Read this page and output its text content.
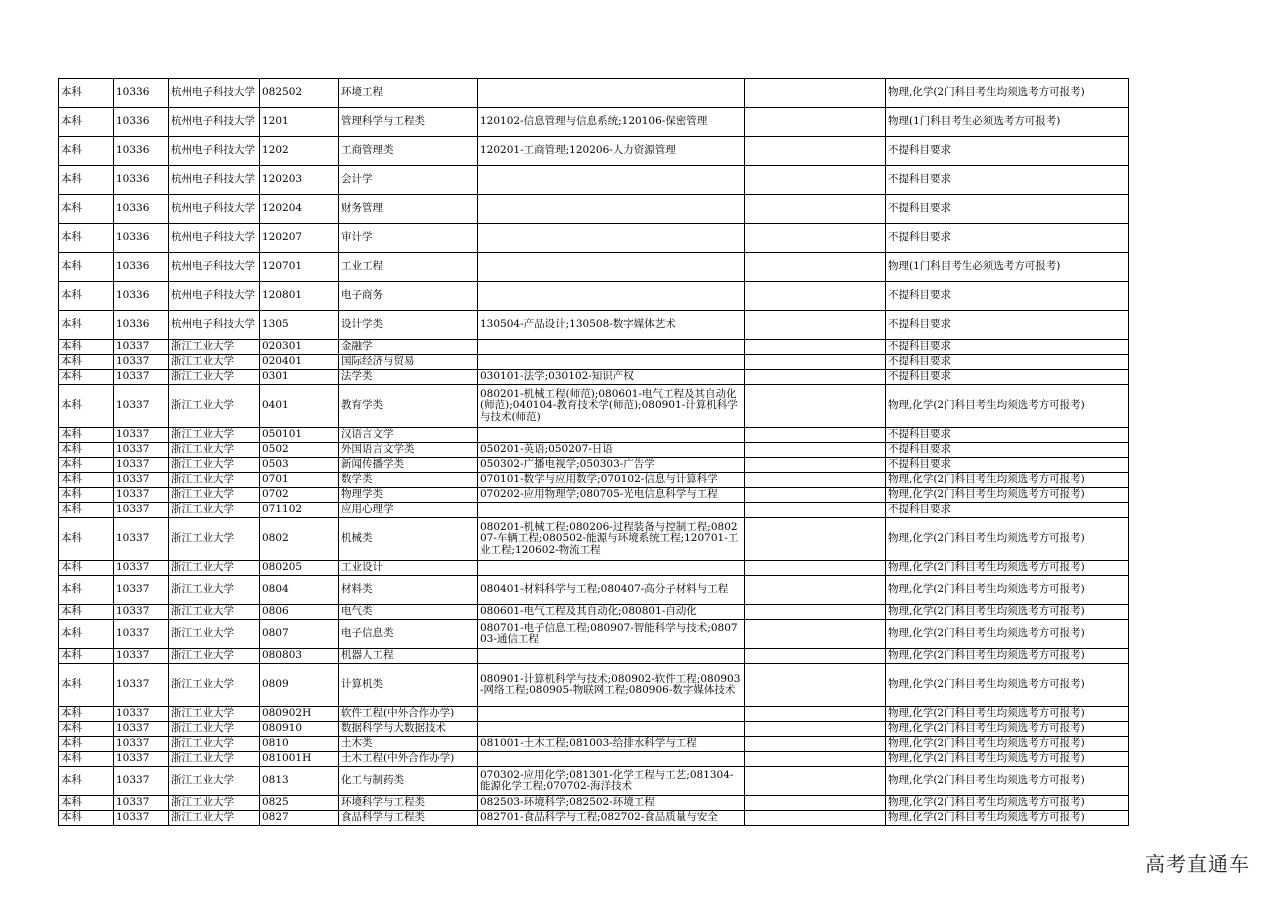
本科	10336	杭州电子科技大学	082502	环境工程			物理,化学(2门科目考生均须选考方可报考)
本科	10336	杭州电子科技大学	1201	管理科学与工程类	120102-信息管理与信息系统;120106-保密管理		物理(1门科目考生必须选考方可报考)
本科	10336	杭州电子科技大学	1202	工商管理类	120201-工商管理;120206-人力资源管理		不提科目要求
本科	10336	杭州电子科技大学	120203	会计学			不提科目要求
本科	10336	杭州电子科技大学	120204	财务管理			不提科目要求
本科	10336	杭州电子科技大学	120207	审计学			不提科目要求
本科	10336	杭州电子科技大学	120701	工业工程			物理(1门科目考生必须选考方可报考)
本科	10336	杭州电子科技大学	120801	电子商务			不提科目要求
本科	10336	杭州电子科技大学	1305	设计学类	130504-产品设计;130508-数字媒体艺术		不提科目要求
本科	10337	浙江工业大学	020301	金融学			不提科目要求
本科	10337	浙江工业大学	020401	国际经济与贸易			不提科目要求
本科	10337	浙江工业大学	0301	法学类	030101-法学;030102-知识产权		不提科目要求
本科	10337	浙江工业大学	0401	教育学类	080201-机械工程(师范);080601-电气工程及其自动化(师范);040104-教育技术学(师范);080901-计算机科学与技术(师范)		物理,化学(2门科目考生均须选考方可报考)
本科	10337	浙江工业大学	050101	汉语言文学			不提科目要求
本科	10337	浙江工业大学	0502	外国语言文学类	050201-英语;050207-日语		不提科目要求
本科	10337	浙江工业大学	0503	新闻传播学类	050302-广播电视学;050303-广告学		不提科目要求
本科	10337	浙江工业大学	0701	数学类	070101-数学与应用数学;070102-信息与计算科学		物理,化学(2门科目考生均须选考方可报考)
本科	10337	浙江工业大学	0702	物理学类	070202-应用物理学;080705-光电信息科学与工程		物理,化学(2门科目考生均须选考方可报考)
本科	10337	浙江工业大学	071102	应用心理学			不提科目要求
本科	10337	浙江工业大学	0802	机械类	080201-机械工程;080206-过程装备与控制工程;080207-车辆工程;080502-能源与环境系统工程;120701-工业工程;120602-物流工程		物理,化学(2门科目考生均须选考方可报考)
本科	10337	浙江工业大学	080205	工业设计			物理,化学(2门科目考生均须选考方可报考)
本科	10337	浙江工业大学	0804	材料类	080401-材料科学与工程;080407-高分子材料与工程		物理,化学(2门科目考生均须选考方可报考)
本科	10337	浙江工业大学	0806	电气类	080601-电气工程及其自动化;080801-自动化		物理,化学(2门科目考生均须选考方可报考)
本科	10337	浙江工业大学	0807	电子信息类	080701-电子信息工程;080907-智能科学与技术;080703-通信工程		物理,化学(2门科目考生均须选考方可报考)
本科	10337	浙江工业大学	080803	机器人工程			物理,化学(2门科目考生均须选考方可报考)
本科	10337	浙江工业大学	0809	计算机类	080901-计算机科学与技术;080902-软件工程;080903-网络工程;080905-物联网工程;080906-数字媒体技术		物理,化学(2门科目考生均须选考方可报考)
本科	10337	浙江工业大学	080902H	软件工程(中外合作办学)			物理,化学(2门科目考生均须选考方可报考)
本科	10337	浙江工业大学	080910	数据科学与大数据技术			物理,化学(2门科目考生均须选考方可报考)
本科	10337	浙江工业大学	0810	土木类	081001-土木工程;081003-给排水科学与工程		物理,化学(2门科目考生均须选考方可报考)
本科	10337	浙江工业大学	081001H	土木工程(中外合作办学)			物理,化学(2门科目考生均须选考方可报考)
本科	10337	浙江工业大学	0813	化工与制药类	070302-应用化学;081301-化学工程与工艺;081304-能源化学工程;070702-海洋技术		物理,化学(2门科目考生均须选考方可报考)
本科	10337	浙江工业大学	0825	环境科学与工程类	082503-环境科学;082502-环境工程		物理,化学(2门科目考生均须选考方可报考)
本科	10337	浙江工业大学	0827	食品科学与工程类	082701-食品科学与工程;082702-食品质量与安全		物理,化学(2门科目考生均须选考方可报考)
高考直通车
